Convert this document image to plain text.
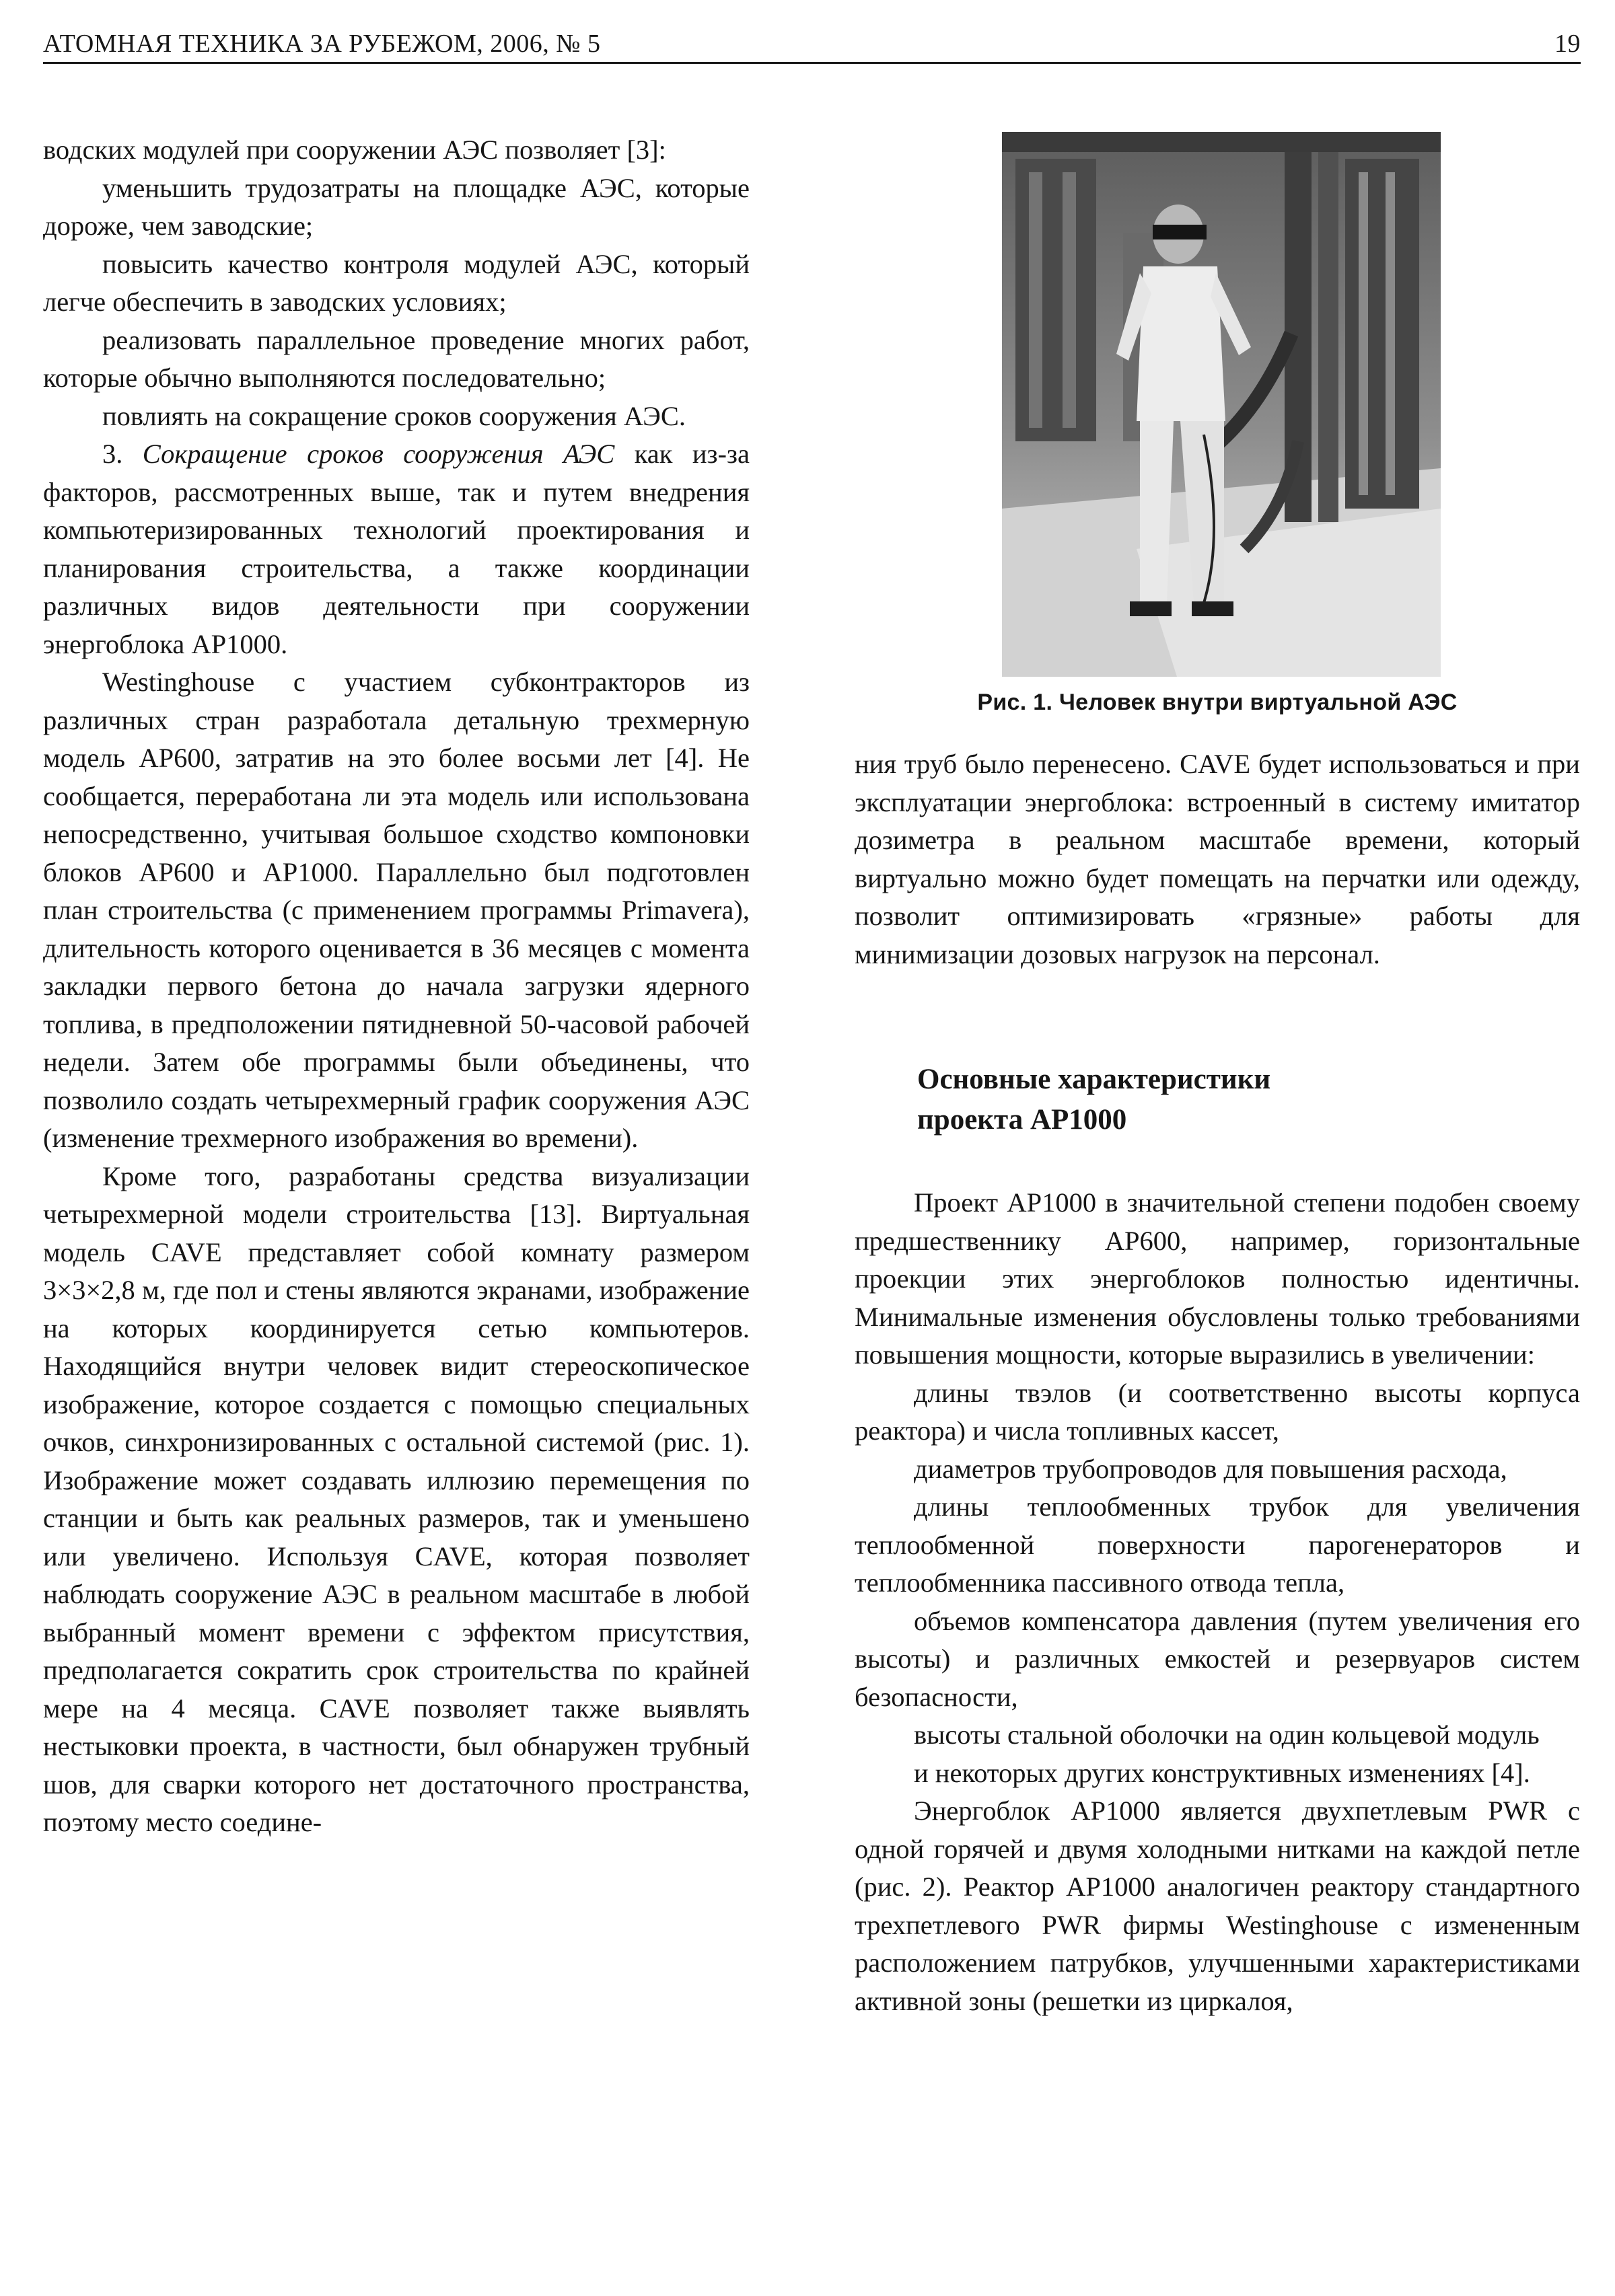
АТОМНАЯ ТЕХНИКА ЗА РУБЕЖОМ, 2006, № 5	19

водских модулей при сооружении АЭС позволяет [3]:

уменьшить трудозатраты на площадке АЭС, которые дороже, чем заводские;

повысить качество контроля модулей АЭС, который легче обеспечить в заводских условиях;

реализовать параллельное проведение многих работ, которые обычно выполняются последовательно;

повлиять на сокращение сроков сооружения АЭС.

3. Сокращение сроков сооружения АЭС как из-за факторов, рассмотренных выше, так и путем внедрения компьютеризированных технологий проектирования и планирования строительства, а также координации различных видов деятельности при сооружении энергоблока AP1000.

Westinghouse с участием субконтракторов из различных стран разработала детальную трехмерную модель AP600, затратив на это более восьми лет [4]. Не сообщается, переработана ли эта модель или использована непосредственно, учитывая большое сходство компоновки блоков AP600 и AP1000. Параллельно был подготовлен план строительства (с применением программы Primavera), длительность которого оценивается в 36 месяцев с момента закладки первого бетона до начала загрузки ядерного топлива, в предположении пятидневной 50-часовой рабочей недели. Затем обе программы были объединены, что позволило создать четырехмерный график сооружения АЭС (изменение трехмерного изображения во времени).

Кроме того, разработаны средства визуализации четырехмерной модели строительства [13]. Виртуальная модель CAVE представляет собой комнату размером 3×3×2,8 м, где пол и стены являются экранами, изображение на которых координируется сетью компьютеров. Находящийся внутри человек видит стереоскопическое изображение, которое создается с помощью специальных очков, синхронизированных с остальной системой (рис. 1). Изображение может создавать иллюзию перемещения по станции и быть как реальных размеров, так и уменьшено или увеличено. Используя CAVE, которая позволяет наблюдать сооружение АЭС в реальном масштабе в любой выбранный момент времени с эффектом присутствия, предполагается сократить срок строительства по крайней мере на 4 месяца. CAVE позволяет также выявлять нестыковки проекта, в частности, был обнаружен трубный шов, для сварки которого нет достаточного пространства, поэтому место соедине-

Рис. 1. Человек внутри виртуальной АЭС

ния труб было перенесено. CAVE будет использоваться и при эксплуатации энергоблока: встроенный в систему имитатор дозиметра в реальном масштабе времени, который виртуально можно будет помещать на перчатки или одежду, позволит оптимизировать «грязные» работы для минимизации дозовых нагрузок на персонал.

Основные характеристики
проекта AP1000

Проект AP1000 в значительной степени подобен своему предшественнику AP600, например, горизонтальные проекции этих энергоблоков полностью идентичны. Минимальные изменения обусловлены только требованиями повышения мощности, которые выразились в увеличении:

длины твэлов (и соответственно высоты корпуса реактора) и числа топливных кассет,

диаметров трубопроводов для повышения расхода,

длины теплообменных трубок для увеличения теплообменной поверхности парогенераторов и теплообменника пассивного отвода тепла,

объемов компенсатора давления (путем увеличения его высоты) и различных емкостей и резервуаров систем безопасности,

высоты стальной оболочки на один кольцевой модуль

и некоторых других конструктивных изменениях [4].

Энергоблок AP1000 является двухпетлевым PWR с одной горячей и двумя холодными нитками на каждой петле (рис. 2). Реактор AP1000 аналогичен реактору стандартного трехпетлевого PWR фирмы Westinghouse с измененным расположением патрубков, улучшенными характеристиками активной зоны (решетки из циркалоя,
